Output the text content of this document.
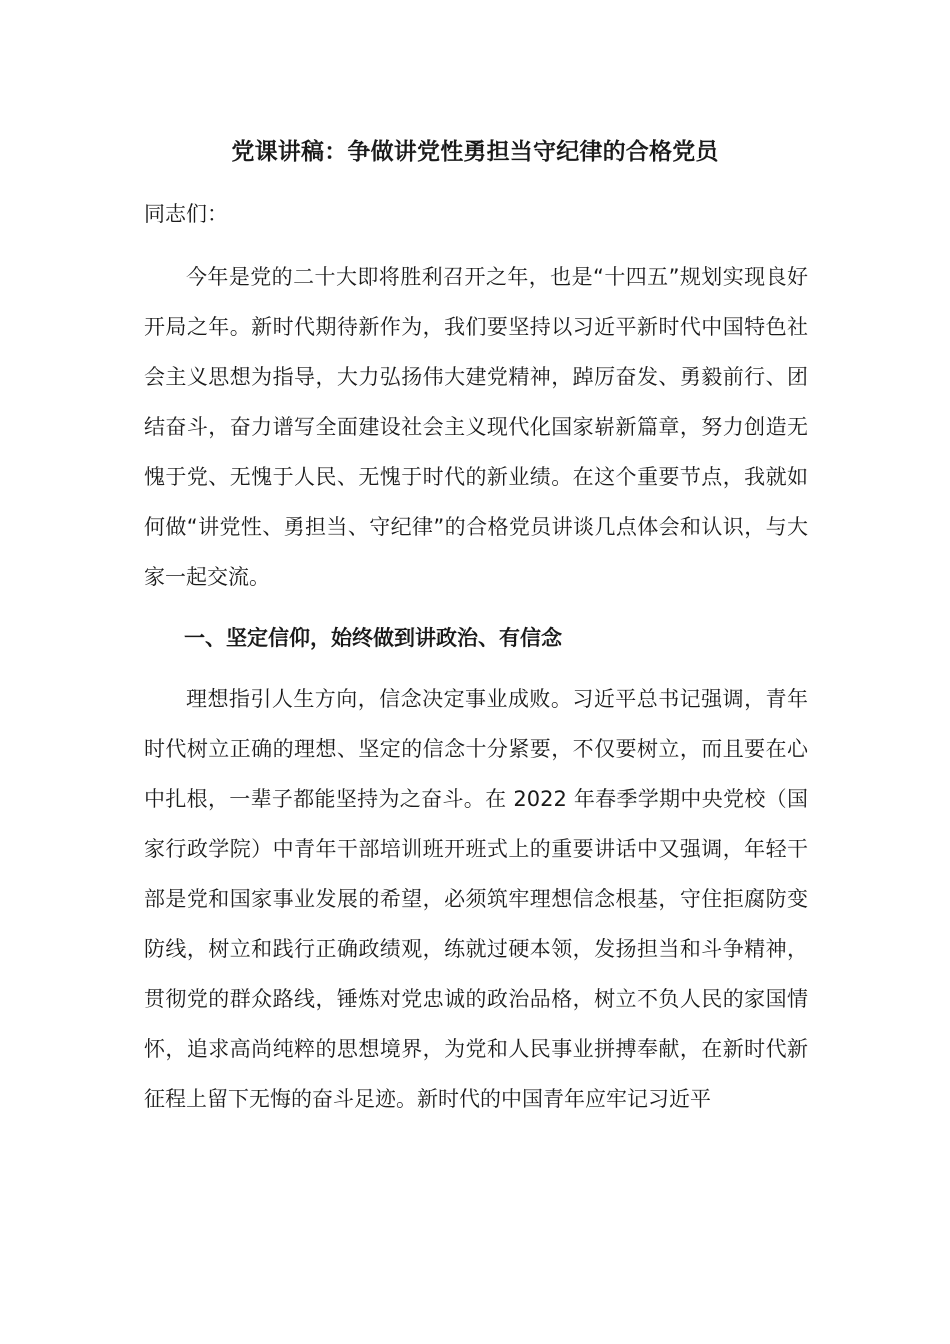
党课讲稿：争做讲党性勇担当守纪律的合格党员
同志们：

今年是党的二十大即将胜利召开之年，也是“十四五”规划实现良好开局之年。新时代期待新作为，我们要坚持以习近平新时代中国特色社会主义思想为指导，大力弘扬伟大建党精神，踔厉奋发、勇毅前行、团结奋斗，奋力谱写全面建设社会主义现代化国家崭新篇章，努力创造无愧于党、无愧于人民、无愧于时代的新业绩。在这个重要节点，我就如何做“讲党性、勇担当、守纪律”的合格党员讲谈几点体会和认识，与大家一起交流。

一、坚定信仰，始终做到讲政治、有信念

理想指引人生方向，信念决定事业成败。习近平总书记强调，青年时代树立正确的理想、坚定的信念十分紧要，不仅要树立，而且要在心中扎根，一辈子都能坚持为之奋斗。在 2022 年春季学期中央党校（国家行政学院）中青年干部培训班开班式上的重要讲话中又强调，年轻干部是党和国家事业发展的希望，必须筑牢理想信念根基，守住拒腐防变防线，树立和践行正确政绩观，练就过硬本领，发扬担当和斗争精神，贯彻党的群众路线，锤炼对党忠诚的政治品格，树立不负人民的家国情怀，追求高尚纯粹的思想境界，为党和人民事业拼搏奉献，在新时代新征程上留下无悔的奋斗足迹。新时代的中国青年应牢记习近平
